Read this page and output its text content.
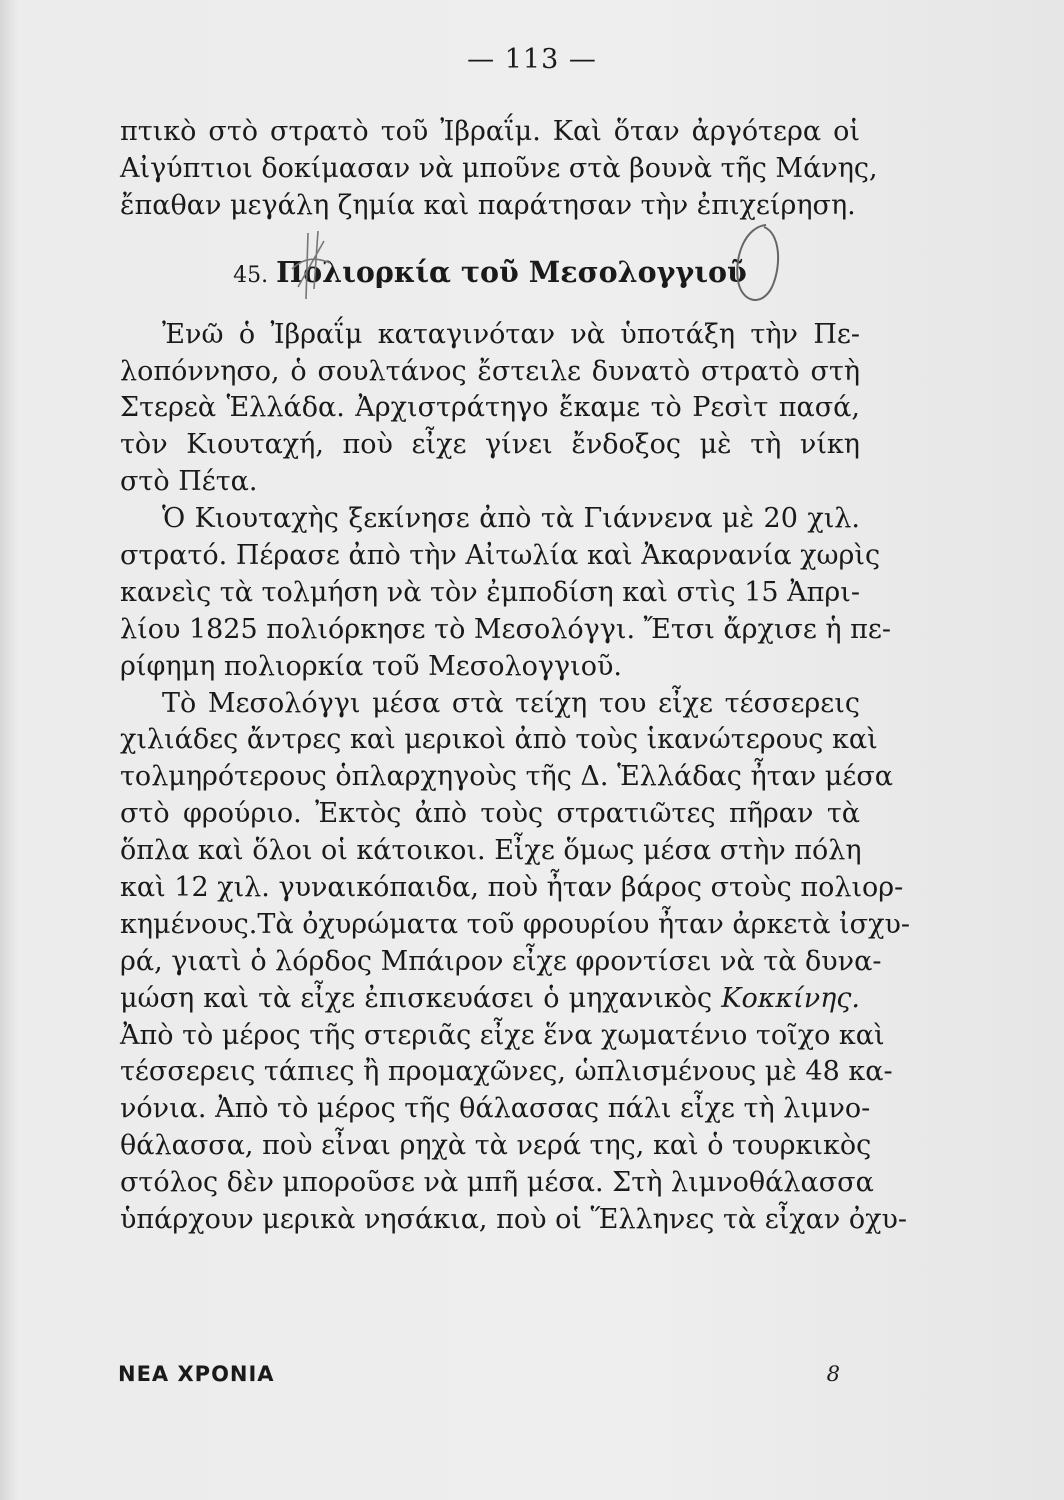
— 113 —
πτικὸ στὸ στρατὸ τοῦ Ἰβραΐμ. Καὶ ὅταν ἀργότερα οἱ
Αἰγύπτιοι δοκίμασαν νὰ μποῦνε στὰ βουνὰ τῆς Μάνης,
ἔπαθαν μεγάλη ζημία καὶ παράτησαν τὴν ἐπιχείρηση.
45. Πολιορκία τοῦ Μεσολογγιοῦ
Ἐνῶ ὁ Ἰβραΐμ καταγινόταν νὰ ὑποτάξη τὴν Πε-
λοπόννησο, ὁ σουλτάνος ἔστειλε δυνατὸ στρατὸ στὴ
Στερεὰ Ἑλλάδα. Ἀρχιστράτηγο ἔκαμε τὸ Ρεσὶτ πασά,
τὸν Κιουταχή, ποὺ εἶχε γίνει ἔνδοξος μὲ τὴ νίκη
στὸ Πέτα.
Ὁ Κιουταχὴς ξεκίνησε ἀπὸ τὰ Γιάννενα μὲ 20 χιλ.
στρατό. Πέρασε ἀπὸ τὴν Αἰτωλία καὶ Ἀκαρνανία χωρὶς
κανεὶς τὰ τολμήση νὰ τὸν ἐμποδίση καὶ στὶς 15 Ἀπρι-
λίου 1825 πολιόρκησε τὸ Μεσολόγγι. Ἔτσι ἄρχισε ἡ πε-
ρίφημη πολιορκία τοῦ Μεσολογγιοῦ.
Τὸ Μεσολόγγι μέσα στὰ τείχη του εἶχε τέσσερεις
χιλιάδες ἄντρες καὶ μερικοὶ ἀπὸ τοὺς ἱκανώτερους καὶ
τολμηρότερους ὁπλαρχηγοὺς τῆς Δ. Ἑλλάδας ἦταν μέσα
στὸ φρούριο. Ἐκτὸς ἀπὸ τοὺς στρατιῶτες πῆραν τὰ
ὅπλα καὶ ὅλοι οἱ κάτοικοι. Εἶχε ὅμως μέσα στὴν πόλη
καὶ 12 χιλ. γυναικόπαιδα, ποὺ ἦταν βάρος στοὺς πολιορ-
κημένους.Τὰ ὀχυρώματα τοῦ φρουρίου ἦταν ἀρκετὰ ἰσχυ-
ρά, γιατὶ ὁ λόρδος Μπάιρον εἶχε φροντίσει νὰ τὰ δυνα-
μώση καὶ τὰ εἶχε ἐπισκευάσει ὁ μηχανικὸς Κοκκίνης.
Ἀπὸ τὸ μέρος τῆς στεριᾶς εἶχε ἕνα χωματένιο τοῖχο καὶ
τέσσερεις τάπιες ἢ προμαχῶνες, ὡπλισμένους μὲ 48 κα-
νόνια. Ἀπὸ τὸ μέρος τῆς θάλασσας πάλι εἶχε τὴ λιμνο-
θάλασσα, ποὺ εἶναι ρηχὰ τὰ νερά της, καὶ ὁ τουρκικὸς
στόλος δὲν μποροῦσε νὰ μπῆ μέσα. Στὴ λιμνοθάλασσα
ὑπάρχουν μερικὰ νησάκια, ποὺ οἱ Ἕλληνες τὰ εἶχαν ὀχυ-
ΝΕΑ ΧΡΟΝΙΑ	8
